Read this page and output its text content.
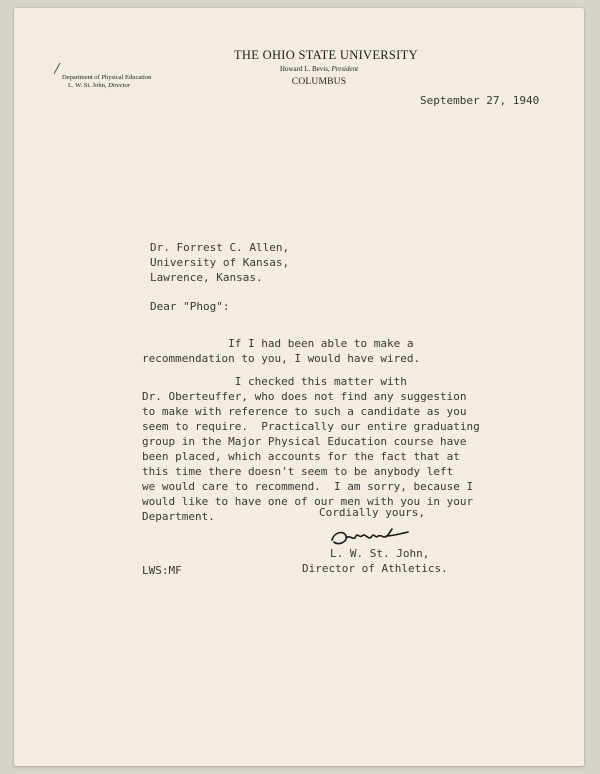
THE OHIO STATE UNIVERSITY
Howard L. Bevis, President
COLUMBUS
Department of Physical Education
L. W. St. John, Director
September 27, 1940
Dr. Forrest C. Allen,
University of Kansas,
Lawrence, Kansas.
Dear "Phog":
If I had been able to make a
recommendation to you, I would have wired.
I checked this matter with
Dr. Oberteuffer, who does not find any suggestion
to make with reference to such a candidate as you
seem to require.  Practically our entire graduating
group in the Major Physical Education course have
been placed, which accounts for the fact that at
this time there doesn't seem to be anybody left
we would care to recommend.  I am sorry, because I
would like to have one of our men with you in your
Department.	Cordially yours,
L. W. St. John,
Director of Athletics.
LWS:MF
